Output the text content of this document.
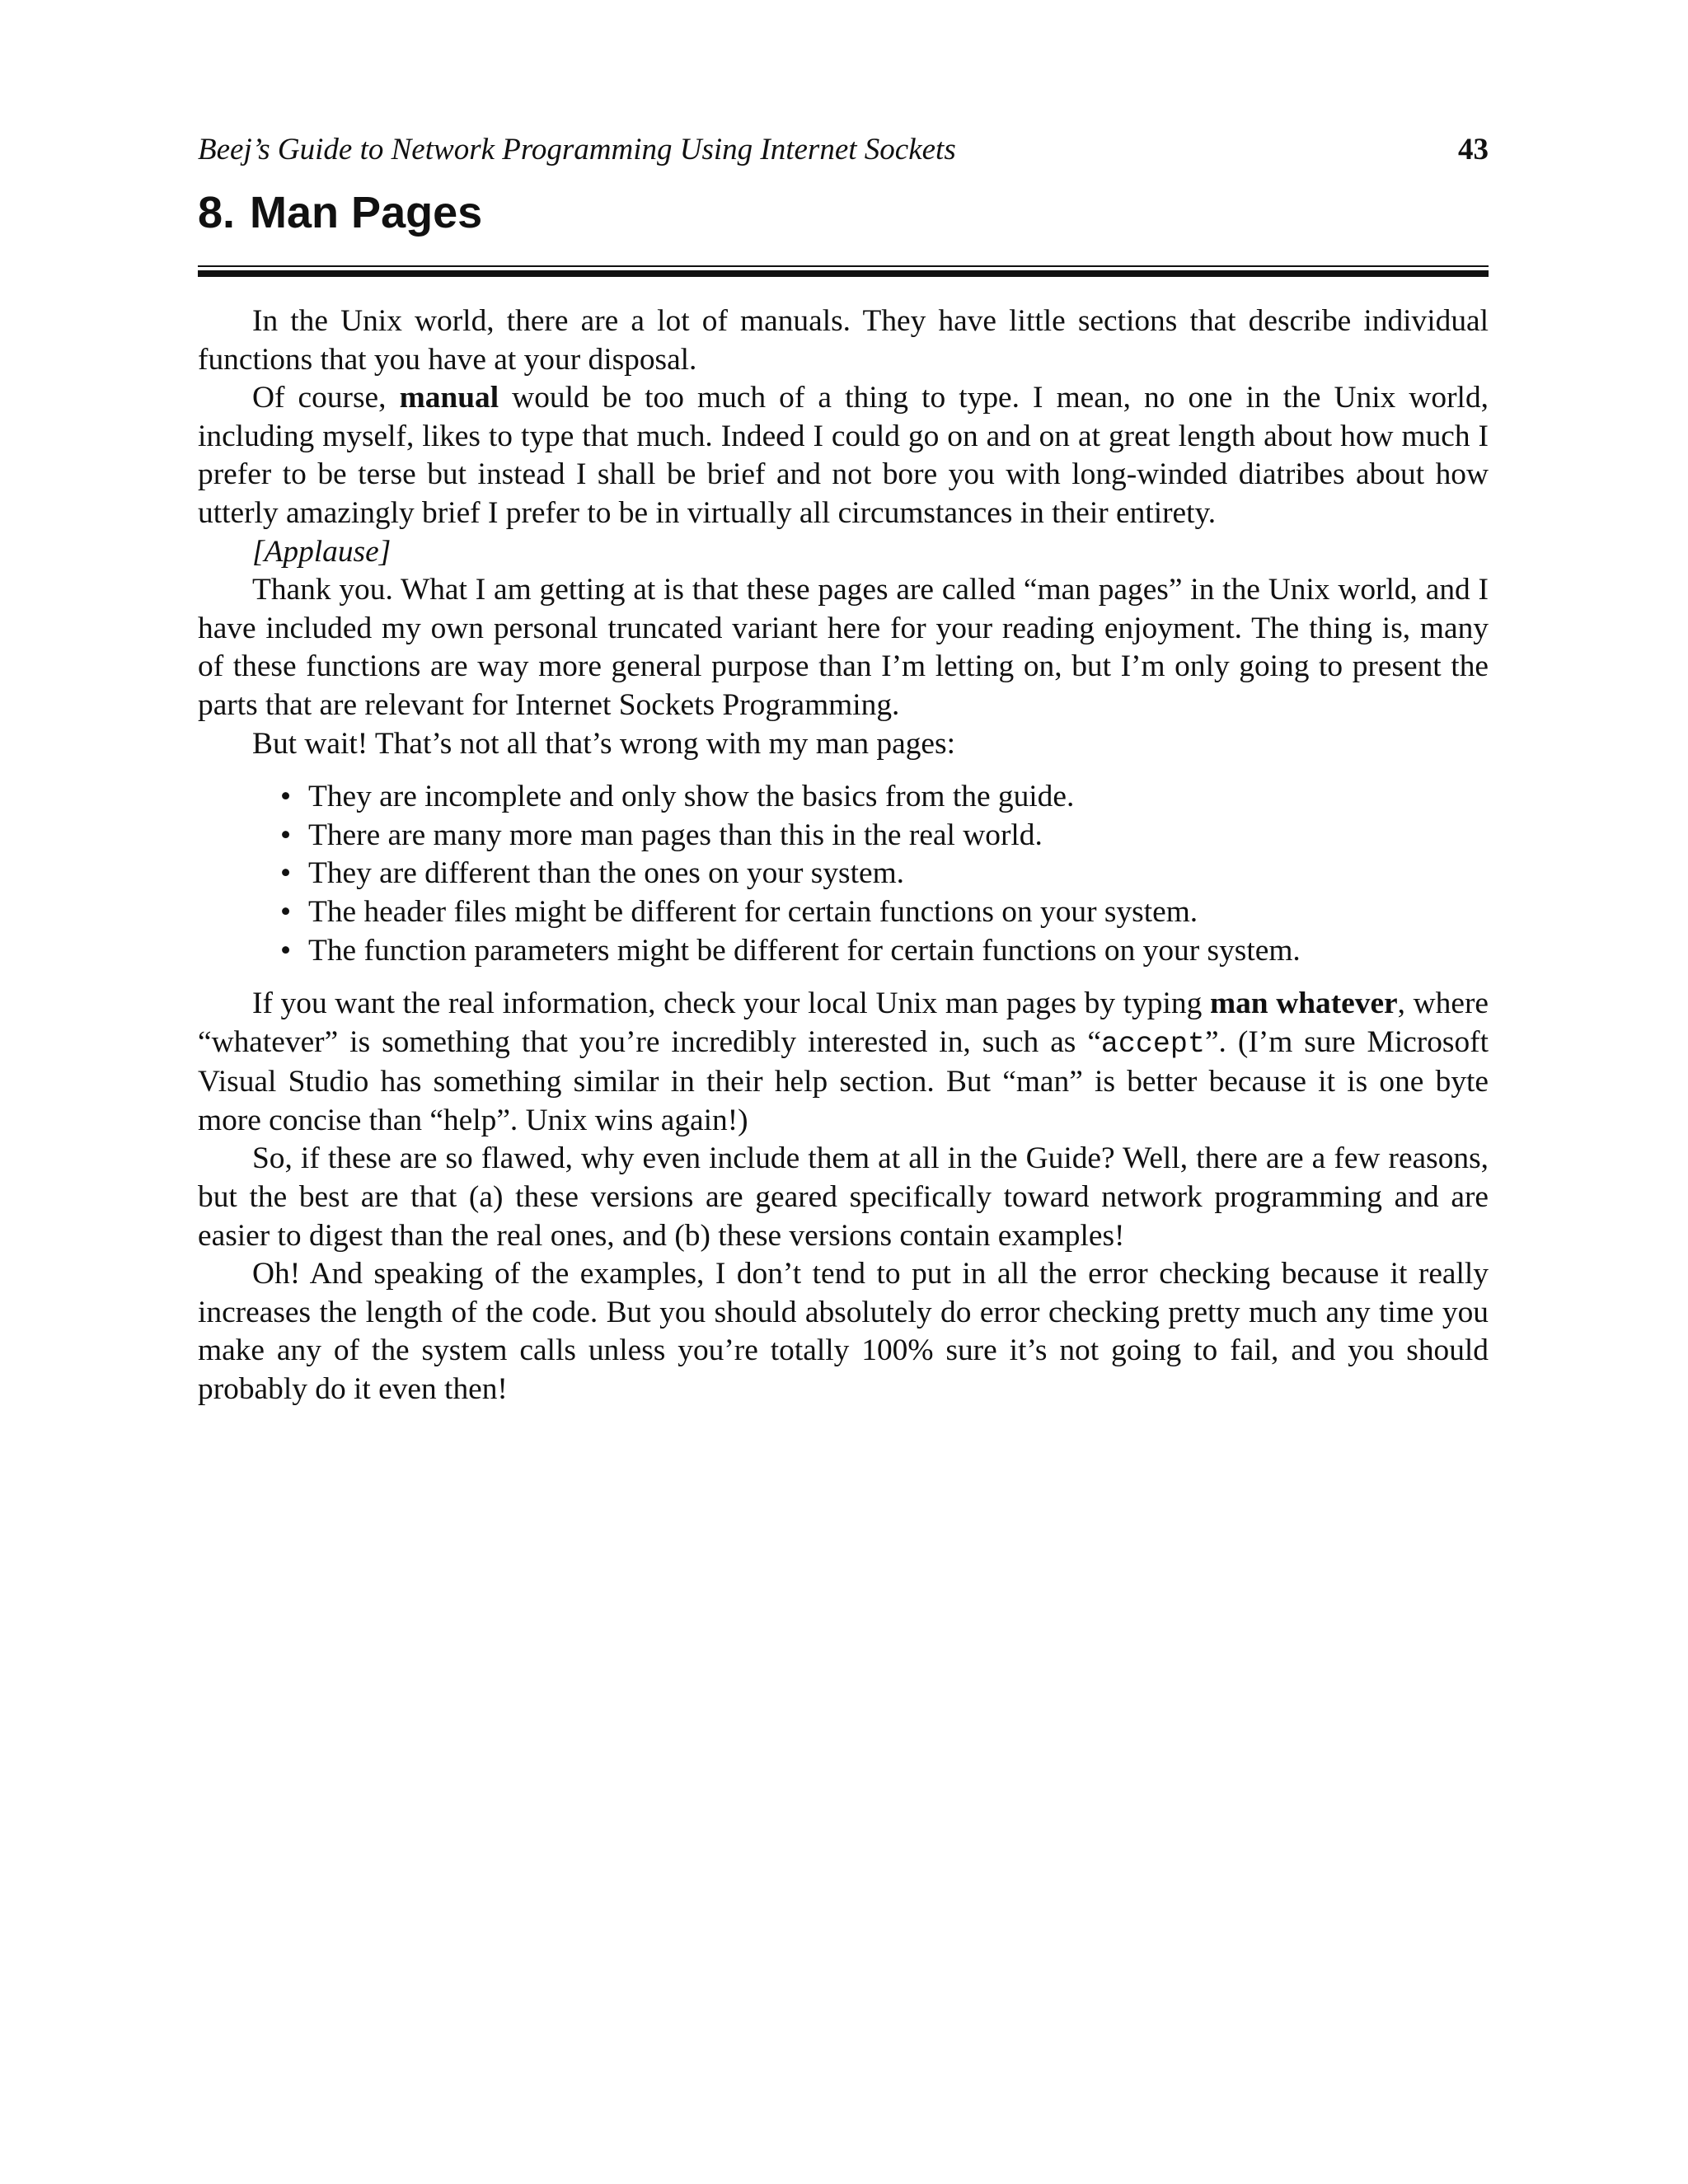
Beej’s Guide to Network Programming Using Internet Sockets	43
8. Man Pages

In the Unix world, there are a lot of manuals. They have little sections that describe individual functions that you have at your disposal.

Of course, manual would be too much of a thing to type. I mean, no one in the Unix world, including myself, likes to type that much. Indeed I could go on and on at great length about how much I prefer to be terse but instead I shall be brief and not bore you with long-winded diatribes about how utterly amazingly brief I prefer to be in virtually all circumstances in their entirety.

[Applause]

Thank you. What I am getting at is that these pages are called “man pages” in the Unix world, and I have included my own personal truncated variant here for your reading enjoyment. The thing is, many of these functions are way more general purpose than I’m letting on, but I’m only going to present the parts that are relevant for Internet Sockets Programming.

But wait! That’s not all that’s wrong with my man pages:

• They are incomplete and only show the basics from the guide.
• There are many more man pages than this in the real world.
• They are different than the ones on your system.
• The header files might be different for certain functions on your system.
• The function parameters might be different for certain functions on your system.

If you want the real information, check your local Unix man pages by typing man whatever, where “whatever” is something that you’re incredibly interested in, such as “accept”. (I’m sure Microsoft Visual Studio has something similar in their help section. But “man” is better because it is one byte more concise than “help”. Unix wins again!)

So, if these are so flawed, why even include them at all in the Guide? Well, there are a few reasons, but the best are that (a) these versions are geared specifically toward network programming and are easier to digest than the real ones, and (b) these versions contain examples!

Oh! And speaking of the examples, I don’t tend to put in all the error checking because it really increases the length of the code. But you should absolutely do error checking pretty much any time you make any of the system calls unless you’re totally 100% sure it’s not going to fail, and you should probably do it even then!
